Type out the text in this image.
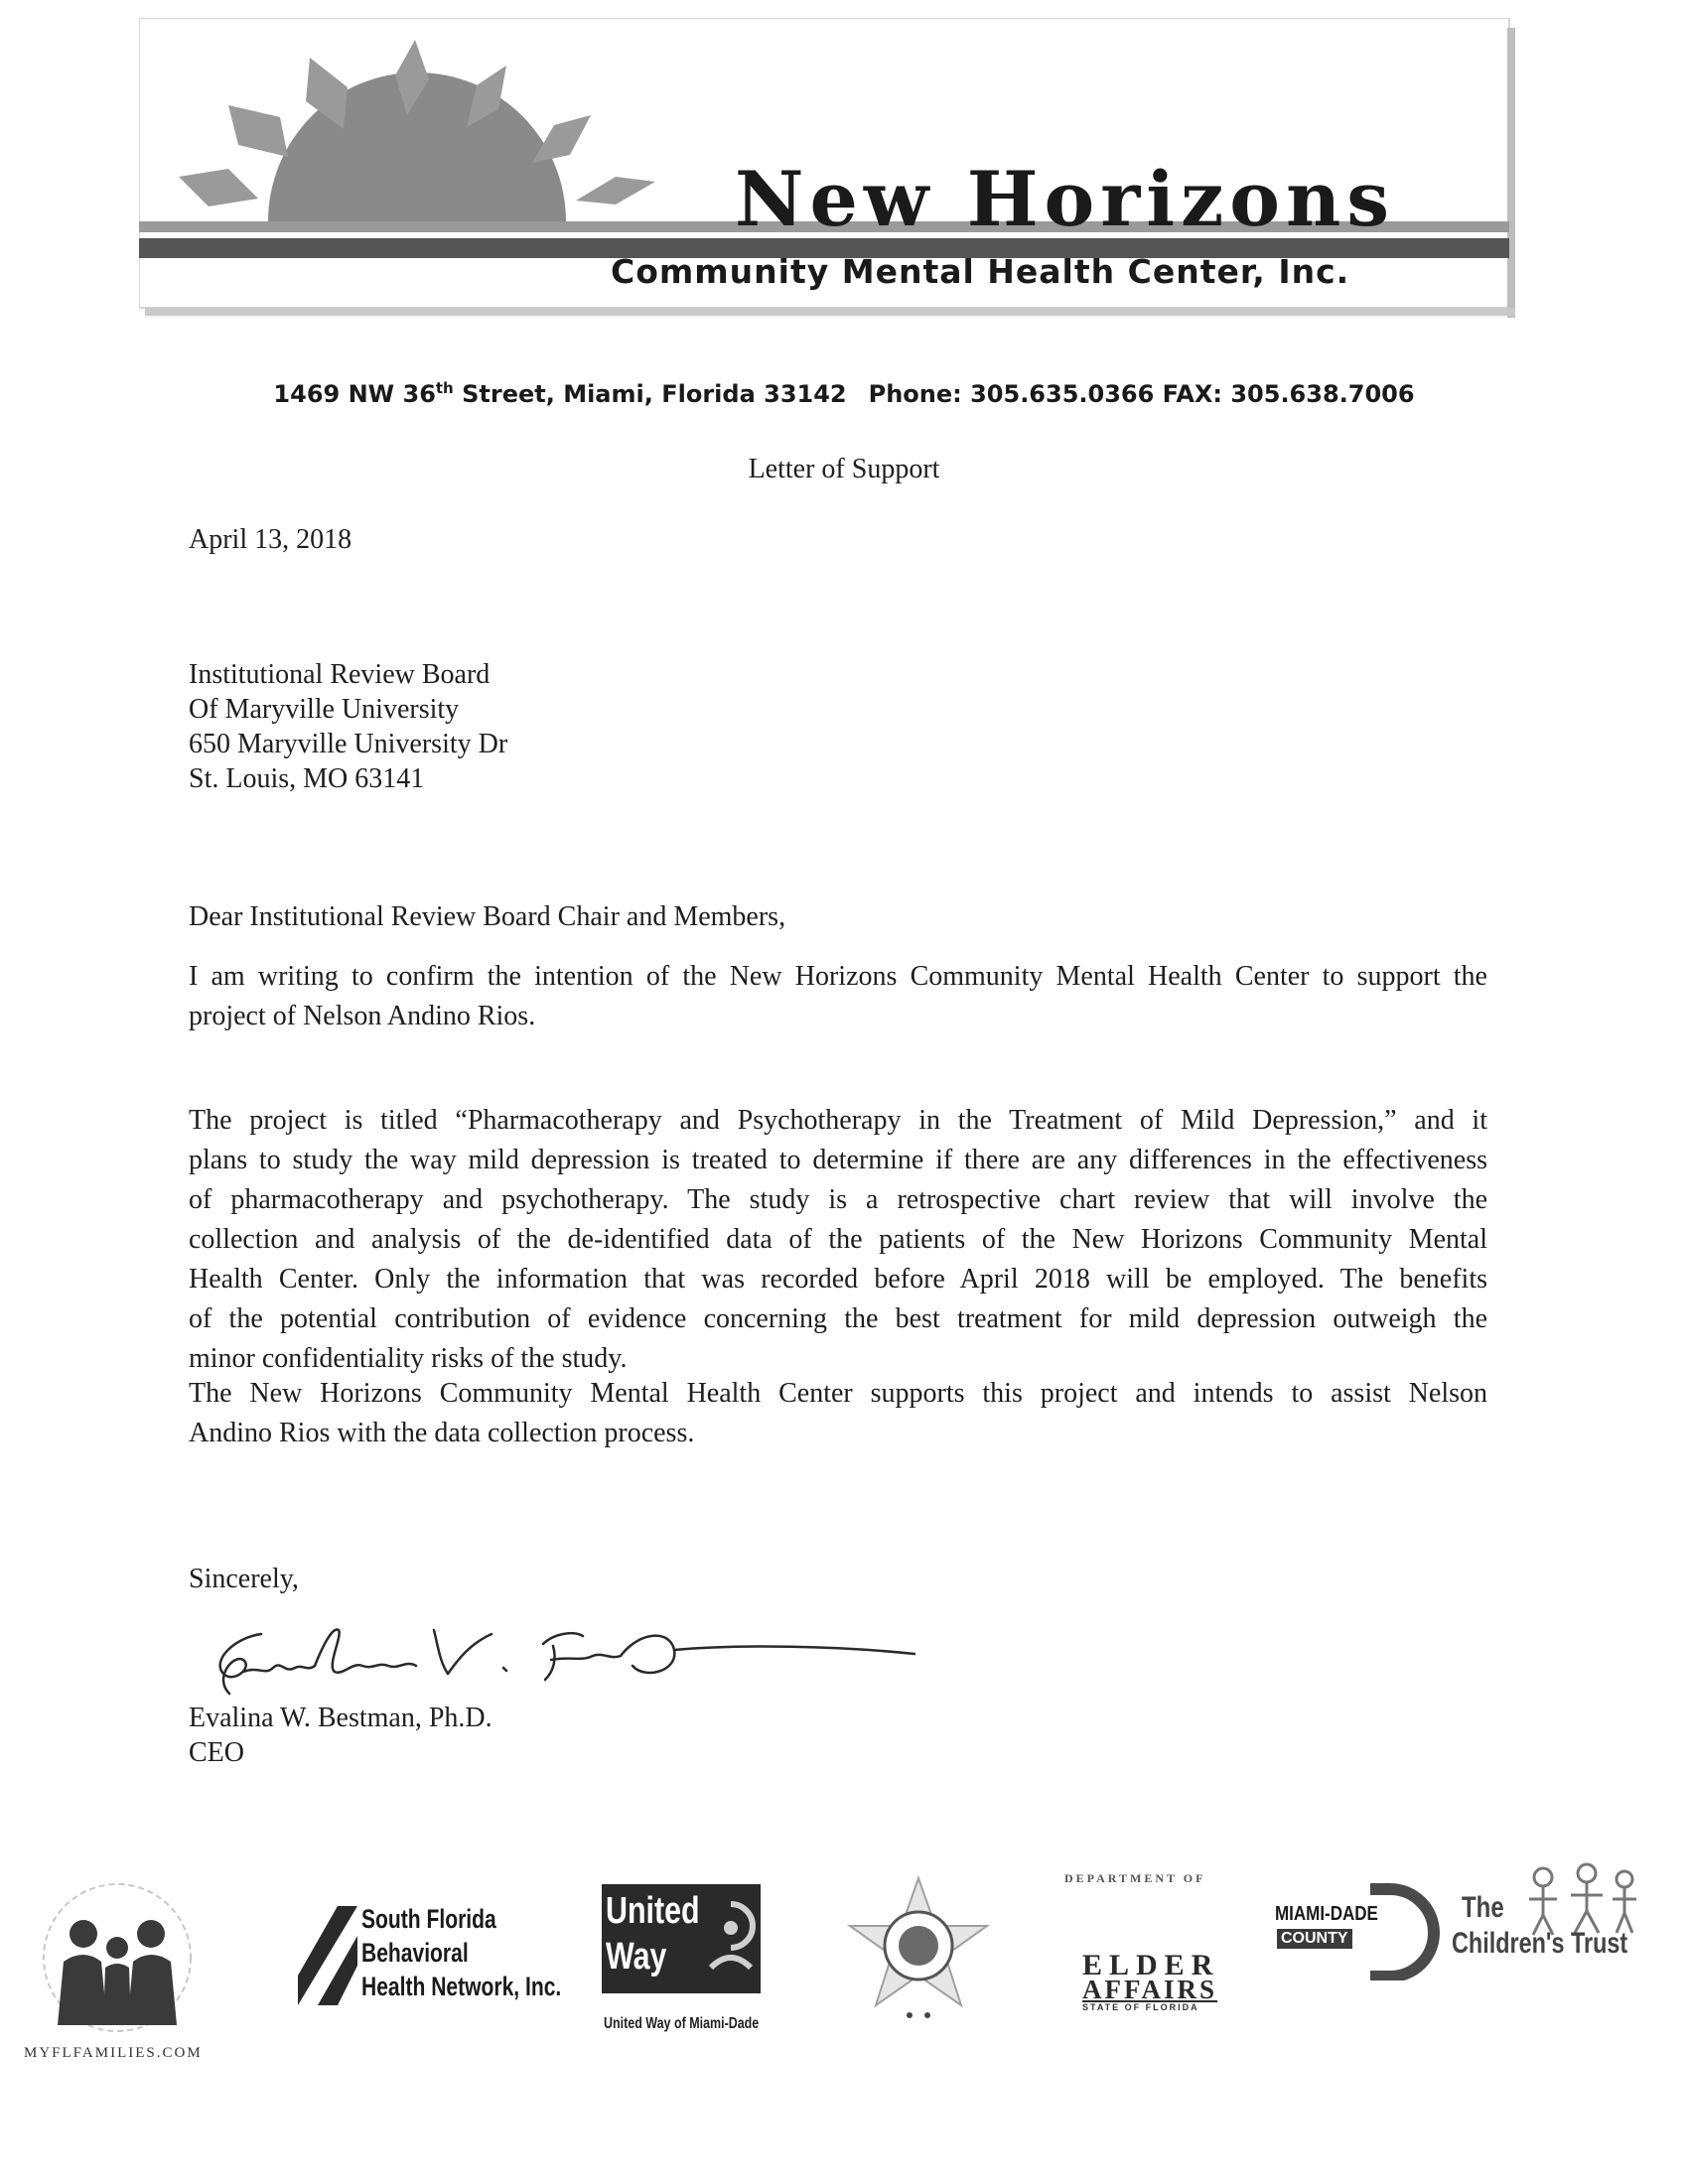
New Horizons
Community Mental Health Center, Inc.
1469 NW 36th Street, Miami, Florida 33142 Phone: 305.635.0366 FAX: 305.638.7006
Letter of Support
April 13, 2018
Institutional Review Board
Of Maryville University
650 Maryville University Dr
St. Louis, MO 63141
Dear Institutional Review Board Chair and Members,
I am writing to confirm the intention of the New Horizons Community Mental Health Center to support the
project of Nelson Andino Rios.
The project is titled “Pharmacotherapy and Psychotherapy in the Treatment of Mild Depression,” and it
plans to study the way mild depression is treated to determine if there are any differences in the effectiveness
of pharmacotherapy and psychotherapy. The study is a retrospective chart review that will involve the
collection and analysis of the de-identified data of the patients of the New Horizons Community Mental
Health Center. Only the information that was recorded before April 2018 will be employed. The benefits
of the potential contribution of evidence concerning the best treatment for mild depression outweigh the
minor confidentiality risks of the study.
The New Horizons Community Mental Health Center supports this project and intends to assist Nelson
Andino Rios with the data collection process.
Sincerely,
Evalina W. Bestman, Ph.D.
CEO
MYFLFAMILIES.COM
South Florida
Behavioral
Health Network, Inc.
United
Way
United Way of Miami-Dade
DEPARTMENT OF
ELDER
AFFAIRS
STATE OF FLORIDA
MIAMI-DADE
COUNTY
The
Children's Trust
